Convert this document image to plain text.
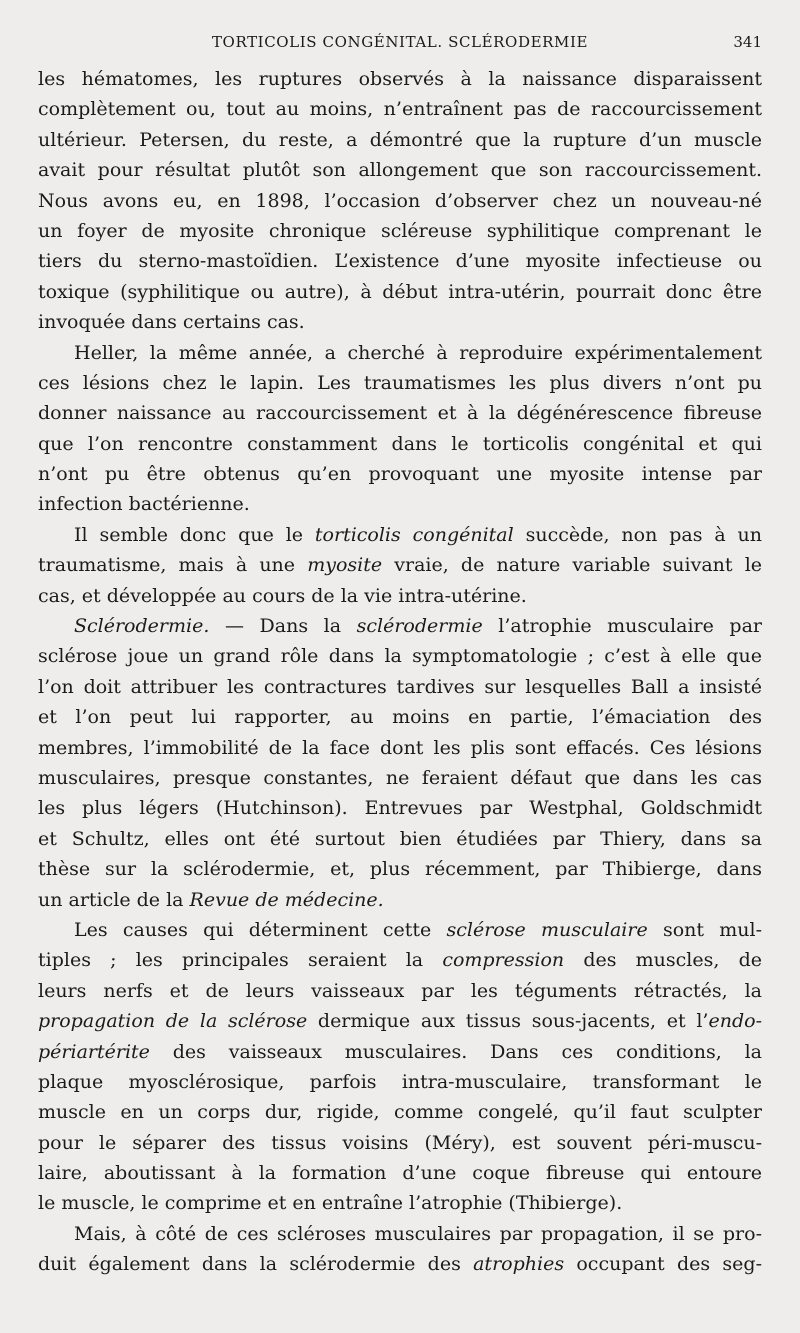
TORTICOLIS CONGÉNITAL. SCLÉRODERMIE	341
les hématomes, les ruptures observés à la naissance disparaissent
complètement ou, tout au moins, n’entraînent pas de raccourcissement
ultérieur. Petersen, du reste, a démontré que la rupture d’un muscle
avait pour résultat plutôt son allongement que son raccourcissement.
Nous avons eu, en 1898, l’occasion d’observer chez un nouveau-né
un foyer de myosite chronique scléreuse syphilitique comprenant le
tiers du sterno-mastoïdien. L’existence d’une myosite infectieuse ou
toxique (syphilitique ou autre), à début intra-utérin, pourrait donc être
invoquée dans certains cas.
Heller, la même année, a cherché à reproduire expérimentalement
ces lésions chez le lapin. Les traumatismes les plus divers n’ont pu
donner naissance au raccourcissement et à la dégénérescence fibreuse
que l’on rencontre constamment dans le torticolis congénital et qui
n’ont pu être obtenus qu’en provoquant une myosite intense par
infection bactérienne.
Il semble donc que le torticolis congénital succède, non pas à un
traumatisme, mais à une myosite vraie, de nature variable suivant le
cas, et développée au cours de la vie intra-utérine.
Sclérodermie. — Dans la sclérodermie l’atrophie musculaire par
sclérose joue un grand rôle dans la symptomatologie ; c’est à elle que
l’on doit attribuer les contractures tardives sur lesquelles Ball a insisté
et l’on peut lui rapporter, au moins en partie, l’émaciation des
membres, l’immobilité de la face dont les plis sont effacés. Ces lésions
musculaires, presque constantes, ne feraient défaut que dans les cas
les plus légers (Hutchinson). Entrevues par Westphal, Goldschmidt
et Schultz, elles ont été surtout bien étudiées par Thiery, dans sa
thèse sur la sclérodermie, et, plus récemment, par Thibierge, dans
un article de la Revue de médecine.
Les causes qui déterminent cette sclérose musculaire sont mul-
tiples ; les principales seraient la compression des muscles, de
leurs nerfs et de leurs vaisseaux par les téguments rétractés, la
propagation de la sclérose dermique aux tissus sous-jacents, et l’endo-
périartérite des vaisseaux musculaires. Dans ces conditions, la
plaque myosclérosique, parfois intra-musculaire, transformant le
muscle en un corps dur, rigide, comme congelé, qu’il faut sculpter
pour le séparer des tissus voisins (Méry), est souvent péri-muscu-
laire, aboutissant à la formation d’une coque fibreuse qui entoure
le muscle, le comprime et en entraîne l’atrophie (Thibierge).
Mais, à côté de ces scléroses musculaires par propagation, il se pro-
duit également dans la sclérodermie des atrophies occupant des seg-
